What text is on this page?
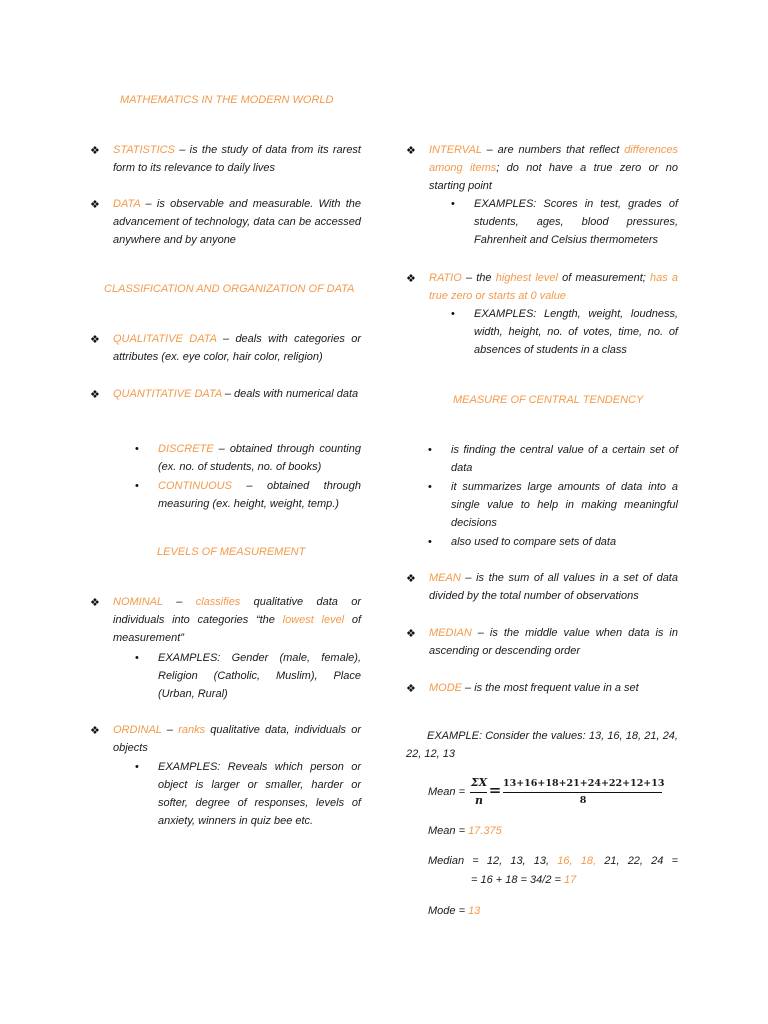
MATHEMATICS IN THE MODERN WORLD
❖ STATISTICS – is the study of data from its rarest form to its relevance to daily lives
❖ DATA – is observable and measurable. With the advancement of technology, data can be accessed anywhere and by anyone
CLASSIFICATION AND ORGANIZATION OF DATA
❖ QUALITATIVE DATA – deals with categories or attributes (ex. eye color, hair color, religion)
❖ QUANTITATIVE DATA – deals with numerical data
• DISCRETE – obtained through counting (ex. no. of students, no. of books)
• CONTINUOUS – obtained through measuring (ex. height, weight, temp.)
LEVELS OF MEASUREMENT
❖ NOMINAL – classifies qualitative data or individuals into categories “the lowest level of measurement”
• EXAMPLES: Gender (male, female), Religion (Catholic, Muslim), Place (Urban, Rural)
❖ ORDINAL – ranks qualitative data, individuals or objects
• EXAMPLES: Reveals which person or object is larger or smaller, harder or softer, degree of responses, levels of anxiety, winners in quiz bee etc.
❖ INTERVAL – are numbers that reflect differences among items; do not have a true zero or no starting point
• EXAMPLES: Scores in test, grades of students, ages, blood pressures, Fahrenheit and Celsius thermometers
❖ RATIO – the highest level of measurement; has a true zero or starts at 0 value
• EXAMPLES: Length, weight, loudness, width, height, no. of votes, time, no. of absences of students in a class
MEASURE OF CENTRAL TENDENCY
• is finding the central value of a certain set of data
• it summarizes large amounts of data into a single value to help in making meaningful decisions
• also used to compare sets of data
❖ MEAN – is the sum of all values in a set of data divided by the total number of observations
❖ MEDIAN – is the middle value when data is in ascending or descending order
❖ MODE – is the most frequent value in a set
EXAMPLE: Consider the values: 13, 16, 18, 21, 24, 22, 12, 13
Mean =
ΣX
n
= 13+16+18+21+24+22+12+13
8
Mean = 17.375
Median = 12, 13, 13, 16, 18, 21, 22, 24 =
= 16 + 18 = 34/2 = 17
Mode = 13
